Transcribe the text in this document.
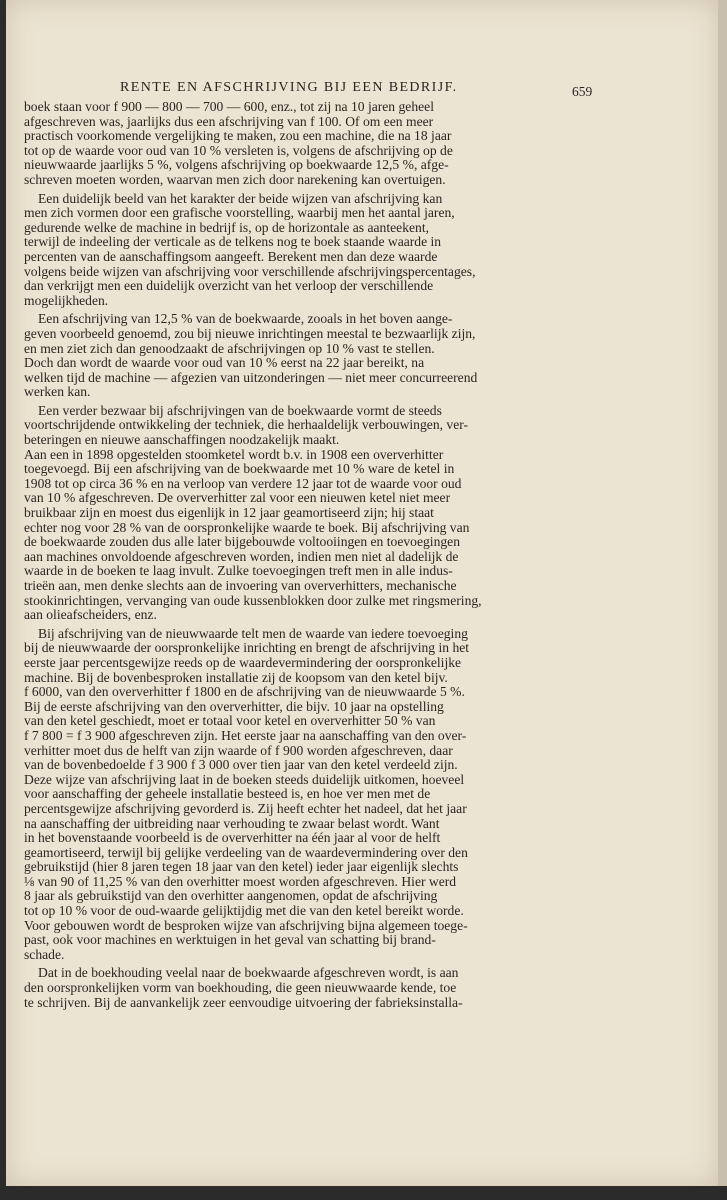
RENTE EN AFSCHRIJVING BIJ EEN BEDRIJF.	659
boek staan voor f 900 — 800 — 700 — 600, enz., tot zij na 10 jaren geheel
afgeschreven was, jaarlijks dus een afschrijving van f 100. Of om een meer
practisch voorkomende vergelijking te maken, zou een machine, die na 18 jaar
tot op de waarde voor oud van 10 % versleten is, volgens de afschrijving op de
nieuwwaarde jaarlijks 5 %, volgens afschrijving op boekwaarde 12,5 %, afge-
schreven moeten worden, waarvan men zich door narekening kan overtuigen.
Een duidelijk beeld van het karakter der beide wijzen van afschrijving kan
men zich vormen door een grafische voorstelling, waarbij men het aantal jaren,
gedurende welke de machine in bedrijf is, op de horizontale as aanteekent,
terwijl de indeeling der verticale as de telkens nog te boek staande waarde in
percenten van de aanschaffingsom aangeeft. Berekent men dan deze waarde
volgens beide wijzen van afschrijving voor verschillende afschrijvingspercentages,
dan verkrijgt men een duidelijk overzicht van het verloop der verschillende
mogelijkheden.
Een afschrijving van 12,5 % van de boekwaarde, zooals in het boven aange-
geven voorbeeld genoemd, zou bij nieuwe inrichtingen meestal te bezwaarlijk zijn,
en men ziet zich dan genoodzaakt de afschrijvingen op 10 % vast te stellen.
Doch dan wordt de waarde voor oud van 10 % eerst na 22 jaar bereikt, na
welken tijd de machine — afgezien van uitzonderingen — niet meer concurreerend
werken kan.
Een verder bezwaar bij afschrijvingen van de boekwaarde vormt de steeds
voortschrijdende ontwikkeling der techniek, die herhaaldelijk verbouwingen, ver-
beteringen en nieuwe aanschaffingen noodzakelijk maakt.
Aan een in 1898 opgestelden stoomketel wordt b.v. in 1908 een oververhitter
toegevoegd. Bij een afschrijving van de boekwaarde met 10 % ware de ketel in
1908 tot op circa 36 % en na verloop van verdere 12 jaar tot de waarde voor oud
van 10 % afgeschreven. De oververhitter zal voor een nieuwen ketel niet meer
bruikbaar zijn en moest dus eigenlijk in 12 jaar geamortiseerd zijn; hij staat
echter nog voor 28 % van de oorspronkelijke waarde te boek. Bij afschrijving van
de boekwaarde zouden dus alle later bijgebouwde voltooiingen en toevoegingen
aan machines onvoldoende afgeschreven worden, indien men niet al dadelijk de
waarde in de boeken te laag invult. Zulke toevoegingen treft men in alle indus-
trieën aan, men denke slechts aan de invoering van oververhitters, mechanische
stookinrichtingen, vervanging van oude kussenblokken door zulke met ringsmering,
aan olieafscheiders, enz.
Bij afschrijving van de nieuwwaarde telt men de waarde van iedere toevoeging
bij de nieuwwaarde der oorspronkelijke inrichting en brengt de afschrijving in het
eerste jaar percentsgewijze reeds op de waardevermindering der oorspronkelijke
machine. Bij de bovenbesproken installatie zij de koopsom van den ketel bijv.
f 6000, van den oververhitter f 1800 en de afschrijving van de nieuwwaarde 5 %.
Bij de eerste afschrijving van den oververhitter, die bijv. 10 jaar na opstelling
van den ketel geschiedt, moet er totaal voor ketel en oververhitter 50 % van
f 7 800 = f 3 900 afgeschreven zijn. Het eerste jaar na aanschaffing van den over-
verhitter moet dus de helft van zijn waarde of f 900 worden afgeschreven, daar
van de bovenbedoelde f 3 900 f 3 000 over tien jaar van den ketel verdeeld zijn.
Deze wijze van afschrijving laat in de boeken steeds duidelijk uitkomen, hoeveel
voor aanschaffing der geheele installatie besteed is, en hoe ver men met de
percentsgewijze afschrijving gevorderd is. Zij heeft echter het nadeel, dat het jaar
na aanschaffing der uitbreiding naar verhouding te zwaar belast wordt. Want
in het bovenstaande voorbeeld is de oververhitter na één jaar al voor de helft
geamortiseerd, terwijl bij gelijke verdeeling van de waardevermindering over den
gebruikstijd (hier 8 jaren tegen 18 jaar van den ketel) ieder jaar eigenlijk slechts
⅛ van 90 of 11,25 % van den overhitter moest worden afgeschreven. Hier werd
8 jaar als gebruikstijd van den overhitter aangenomen, opdat de afschrijving
tot op 10 % voor de oud-waarde gelijktijdig met die van den ketel bereikt worde.
Voor gebouwen wordt de besproken wijze van afschrijving bijna algemeen toege-
past, ook voor machines en werktuigen in het geval van schatting bij brand-
schade.
Dat in de boekhouding veelal naar de boekwaarde afgeschreven wordt, is aan
den oorspronkelijken vorm van boekhouding, die geen nieuwwaarde kende, toe
te schrijven. Bij de aanvankelijk zeer eenvoudige uitvoering der fabrieksinstalla-
